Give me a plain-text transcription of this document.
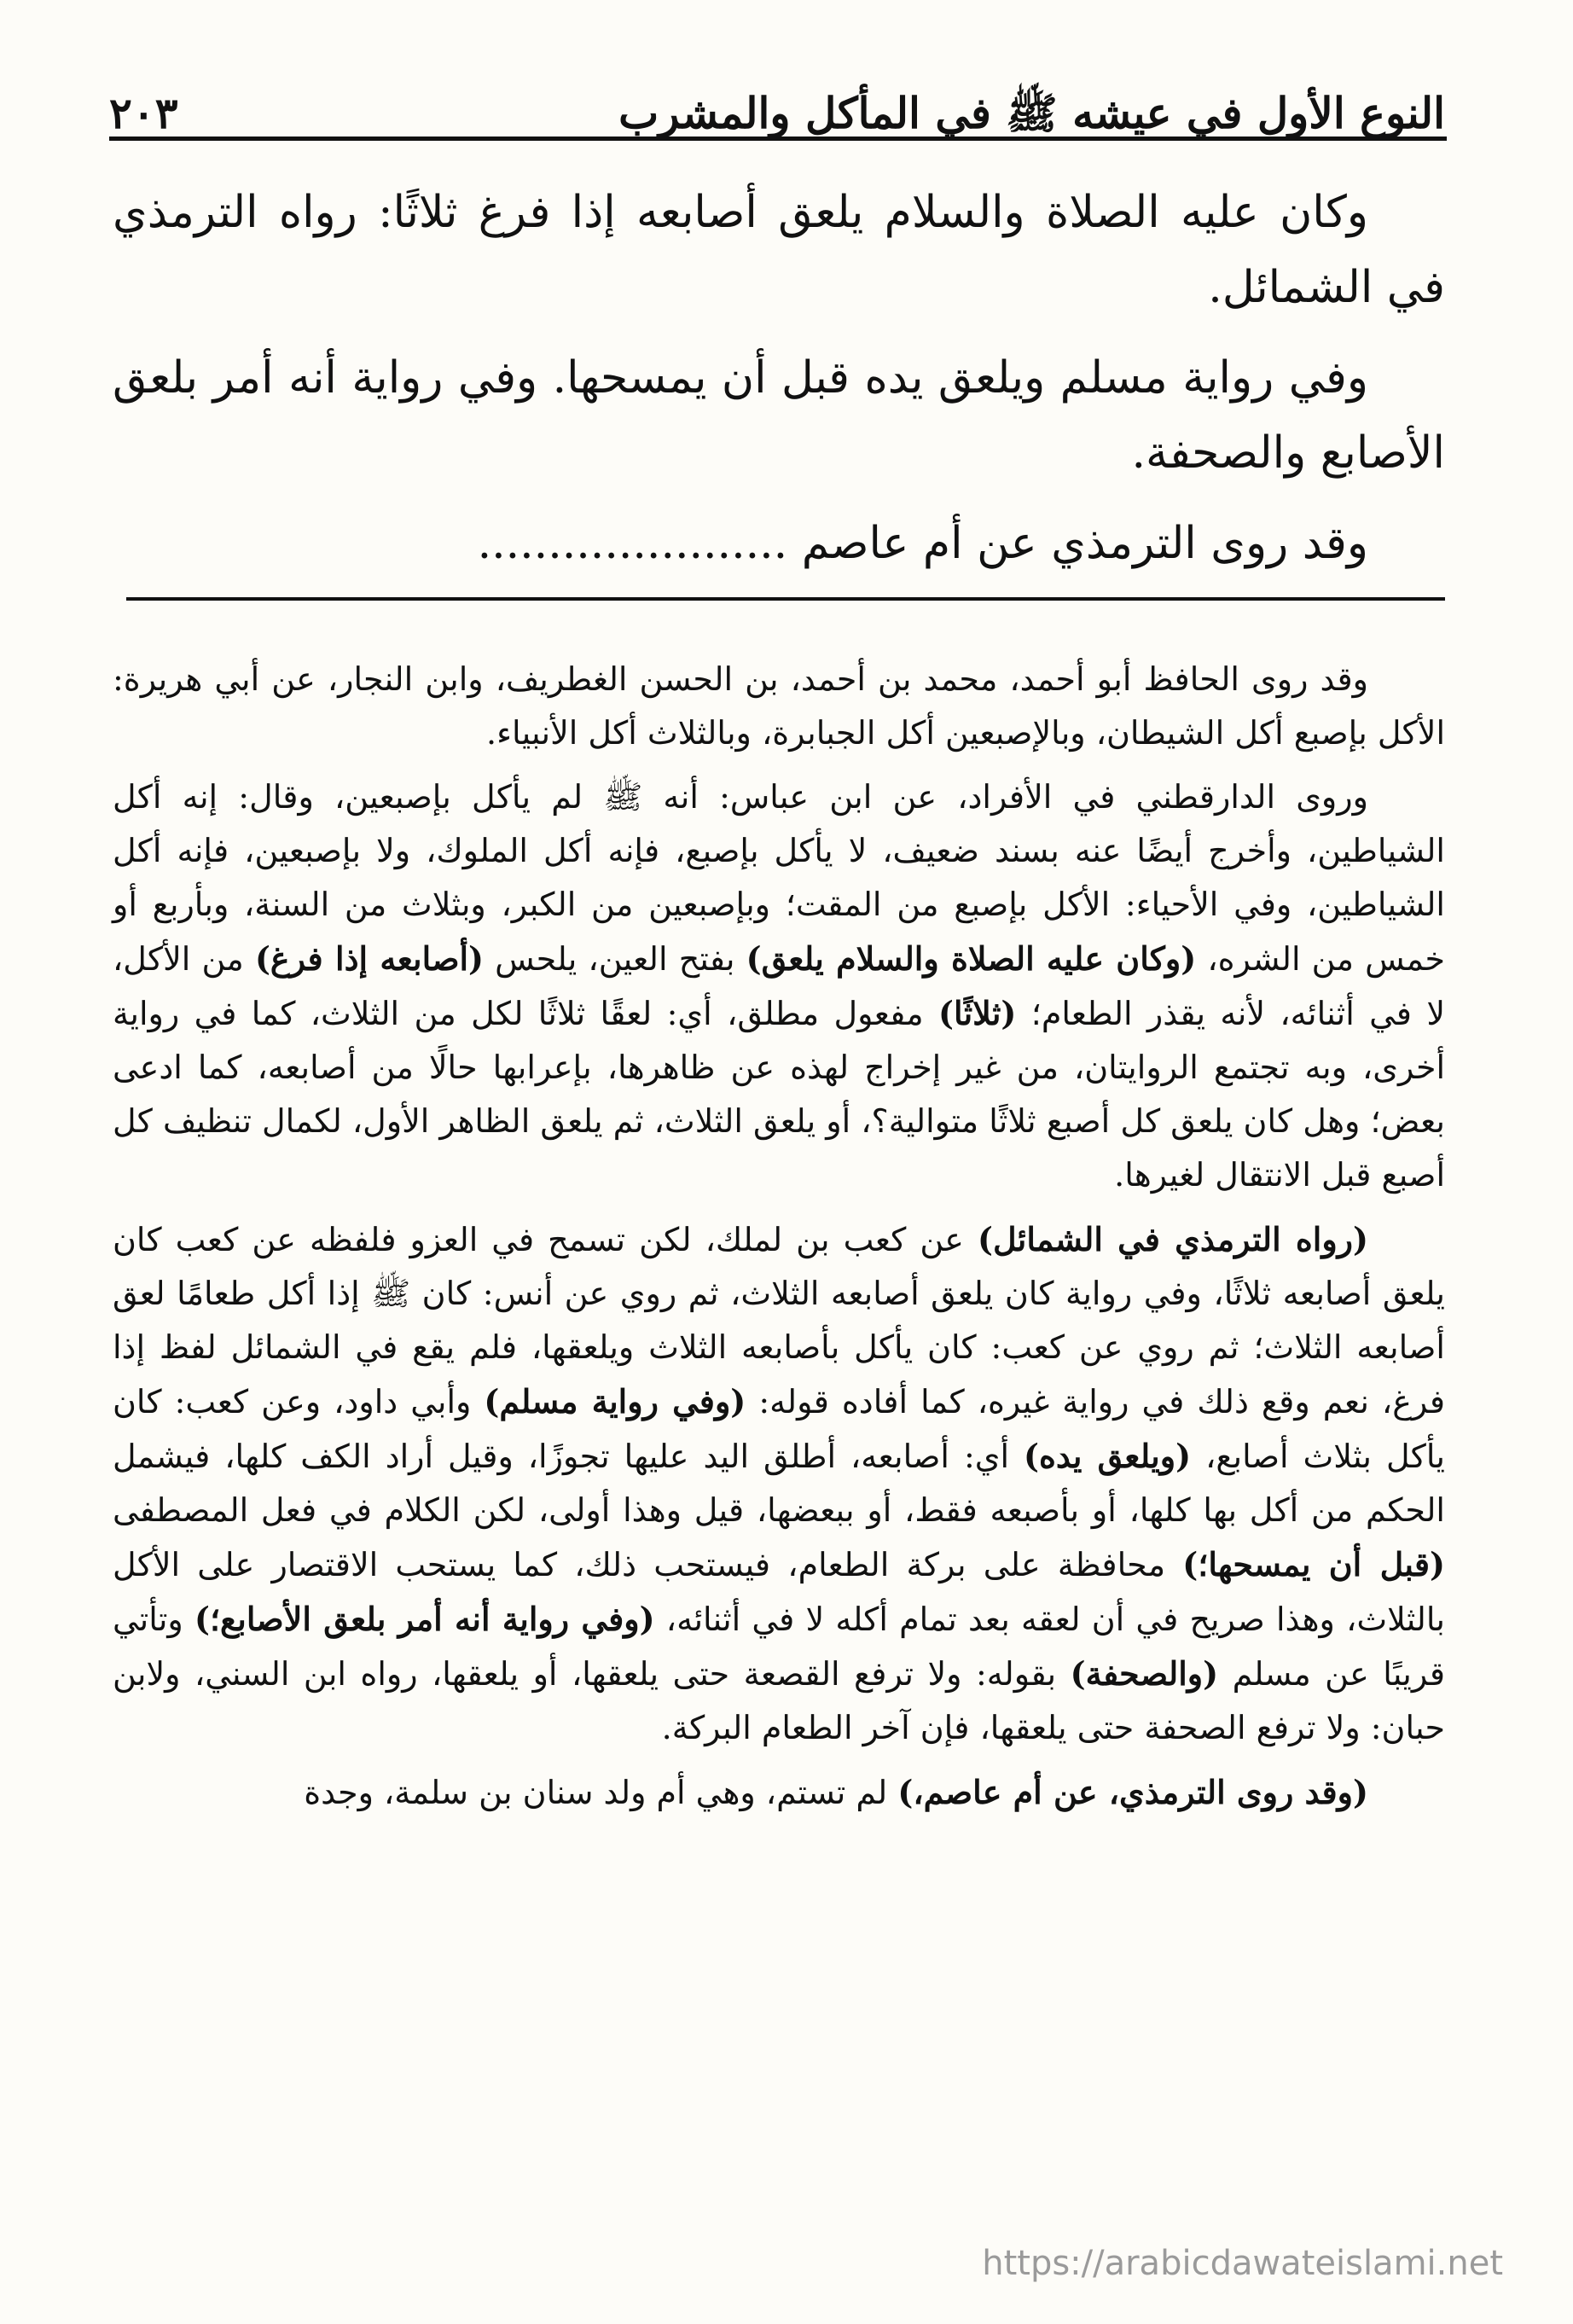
النوع الأول في عيشه ﷺ في المأكل والمشرب
٢٠٣

وكان عليه الصلاة والسلام يلعق أصابعه إذا فرغ ثلاثًا: رواه الترمذي في الشمائل.

وفي رواية مسلم ويلعق يده قبل أن يمسحها. وفي رواية أنه أمر بلعق الأصابع والصحفة.

وقد روى الترمذي عن أم عاصم ......................

وقد روى الحافظ أبو أحمد، محمد بن أحمد، بن الحسن الغطريف، وابن النجار، عن أبي هريرة: الأكل بإصبع أكل الشيطان، وبالإصبعين أكل الجبابرة، وبالثلاث أكل الأنبياء.

وروى الدارقطني في الأفراد، عن ابن عباس: أنه ﷺ لم يأكل بإصبعين، وقال: إنه أكل الشياطين، وأخرج أيضًا عنه بسند ضعيف، لا يأكل بإصبع، فإنه أكل الملوك، ولا بإصبعين، فإنه أكل الشياطين، وفي الأحياء: الأكل بإصبع من المقت؛ وبإصبعين من الكبر، وبثلاث من السنة، وبأربع أو خمس من الشره، (وكان عليه الصلاة والسلام يلعق) بفتح العين، يلحس (أصابعه إذا فرغ) من الأكل، لا في أثنائه، لأنه يقذر الطعام؛ (ثلاثًا) مفعول مطلق، أي: لعقًا ثلاثًا لكل من الثلاث، كما في رواية أخرى، وبه تجتمع الروايتان، من غير إخراج لهذه عن ظاهرها، بإعرابها حالًا من أصابعه، كما ادعى بعض؛ وهل كان يلعق كل أصبع ثلاثًا متوالية؟، أو يلعق الثلاث، ثم يلعق الظاهر الأول، لكمال تنظيف كل أصبع قبل الانتقال لغيرها.

(رواه الترمذي في الشمائل) عن كعب بن لملك، لكن تسمح في العزو فلفظه عن كعب كان يلعق أصابعه ثلاثًا، وفي رواية كان يلعق أصابعه الثلاث، ثم روي عن أنس: كان ﷺ إذا أكل طعامًا لعق أصابعه الثلاث؛ ثم روي عن كعب: كان يأكل بأصابعه الثلاث ويلعقها، فلم يقع في الشمائل لفظ إذا فرغ، نعم وقع ذلك في رواية غيره، كما أفاده قوله: (وفي رواية مسلم) وأبي داود، وعن كعب: كان يأكل بثلاث أصابع، (ويلعق يده) أي: أصابعه، أطلق اليد عليها تجوزًا، وقيل أراد الكف كلها، فيشمل الحكم من أكل بها كلها، أو بأصبعه فقط، أو ببعضها، قيل وهذا أولى، لكن الكلام في فعل المصطفى (قبل أن يمسحها؛) محافظة على بركة الطعام، فيستحب ذلك، كما يستحب الاقتصار على الأكل بالثلاث، وهذا صريح في أن لعقه بعد تمام أكله لا في أثنائه، (وفي رواية أنه أمر بلعق الأصابع؛) وتأتي قريبًا عن مسلم (والصحفة) بقوله: ولا ترفع القصعة حتى يلعقها، أو يلعقها، رواه ابن السني، ولابن حبان: ولا ترفع الصحفة حتى يلعقها، فإن آخر الطعام البركة.

(وقد روى الترمذي، عن أم عاصم،) لم تستم، وهي أم ولد سنان بن سلمة، وجدة

https://arabicdawateislami.net
